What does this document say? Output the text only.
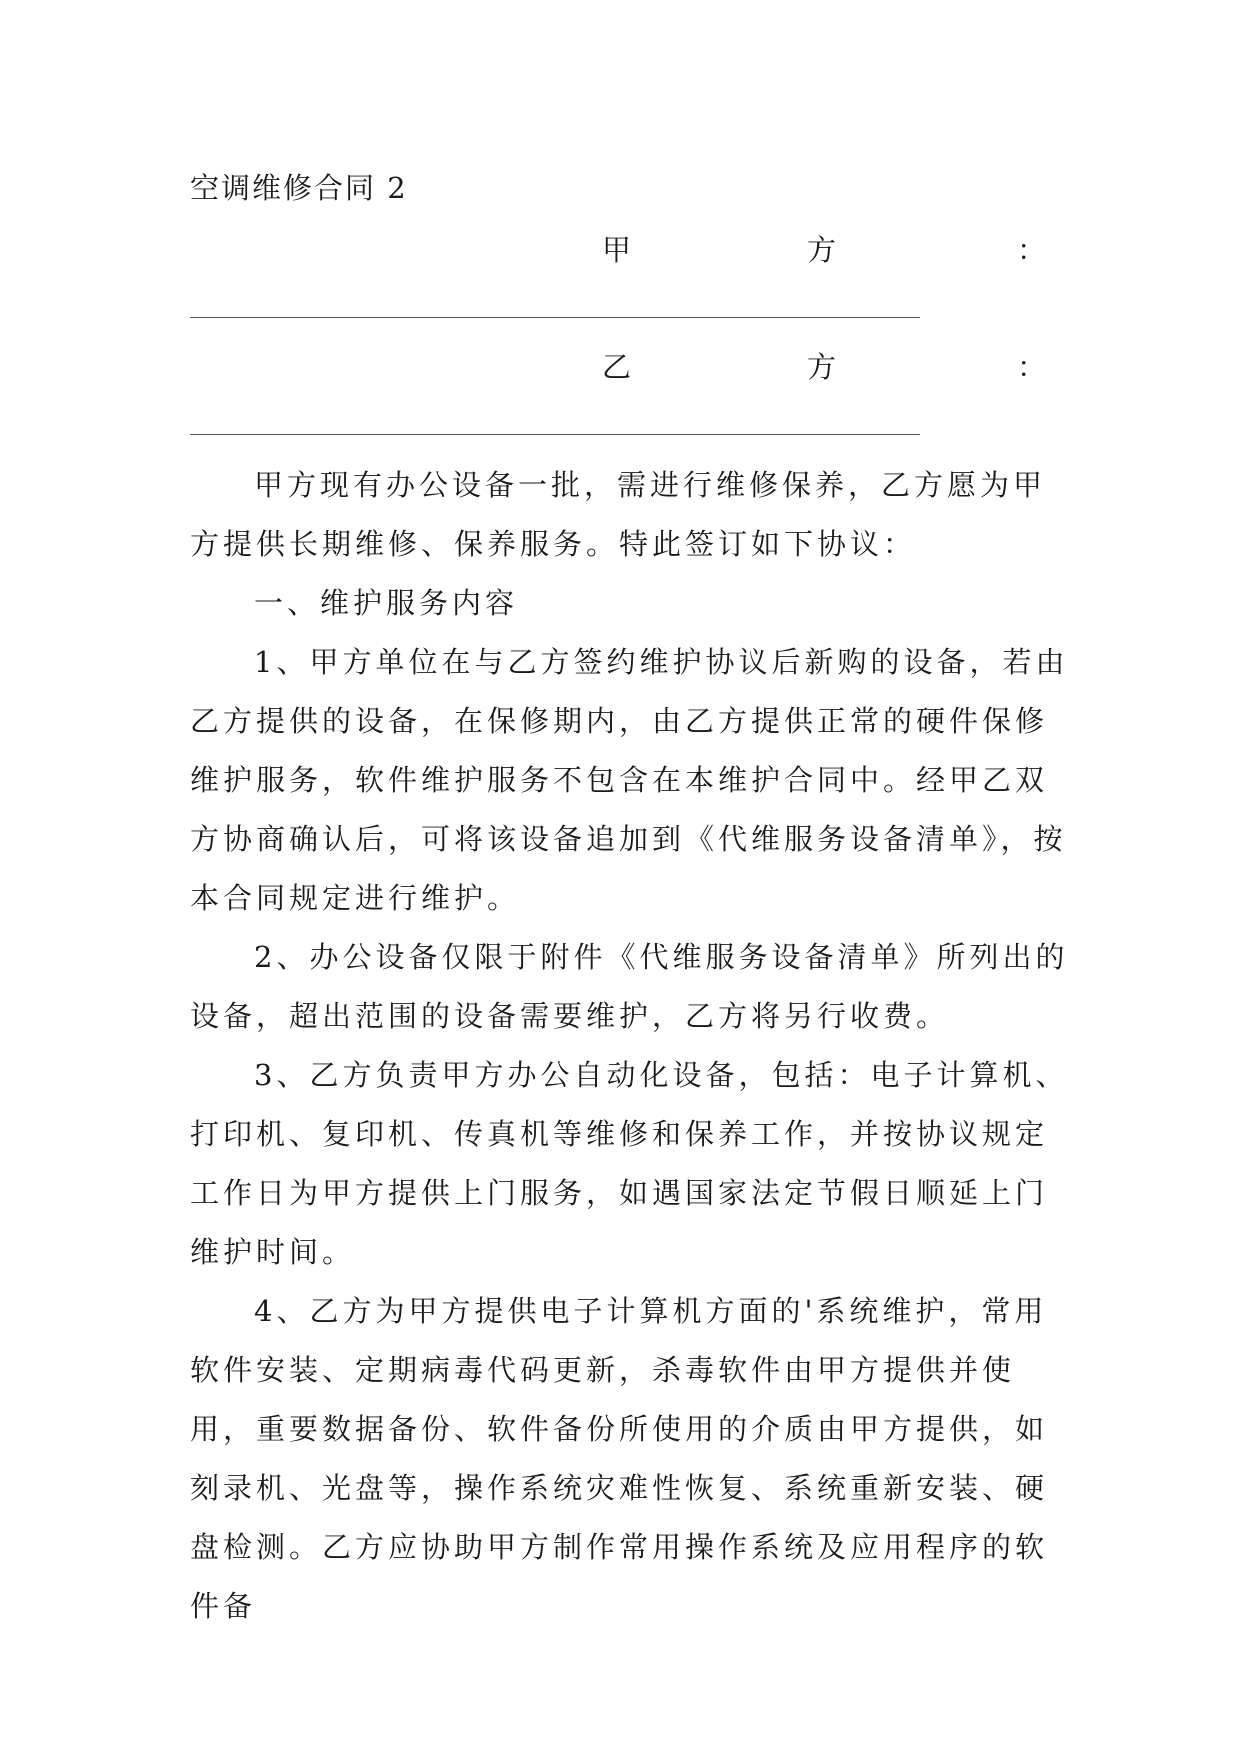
空调维修合同 2
甲	方	：
乙	方	：

甲方现有办公设备一批，需进行维修保养，乙方愿为甲方提供长期维修、保养服务。特此签订如下协议：

一、维护服务内容

1、甲方单位在与乙方签约维护协议后新购的设备，若由乙方提供的设备，在保修期内，由乙方提供正常的硬件保修维护服务，软件维护服务不包含在本维护合同中。经甲乙双方协商确认后，可将该设备追加到《代维服务设备清单》，按本合同规定进行维护。

2、办公设备仅限于附件《代维服务设备清单》所列出的设备，超出范围的设备需要维护，乙方将另行收费。

3、乙方负责甲方办公自动化设备，包括：电子计算机、打印机、复印机、传真机等维修和保养工作，并按协议规定工作日为甲方提供上门服务，如遇国家法定节假日顺延上门维护时间。

4、乙方为甲方提供电子计算机方面的'系统维护，常用软件安装、定期病毒代码更新，杀毒软件由甲方提供并使用，重要数据备份、软件备份所使用的介质由甲方提供，如刻录机、光盘等，操作系统灾难性恢复、系统重新安装、硬盘检测。乙方应协助甲方制作常用操作系统及应用程序的软件备
